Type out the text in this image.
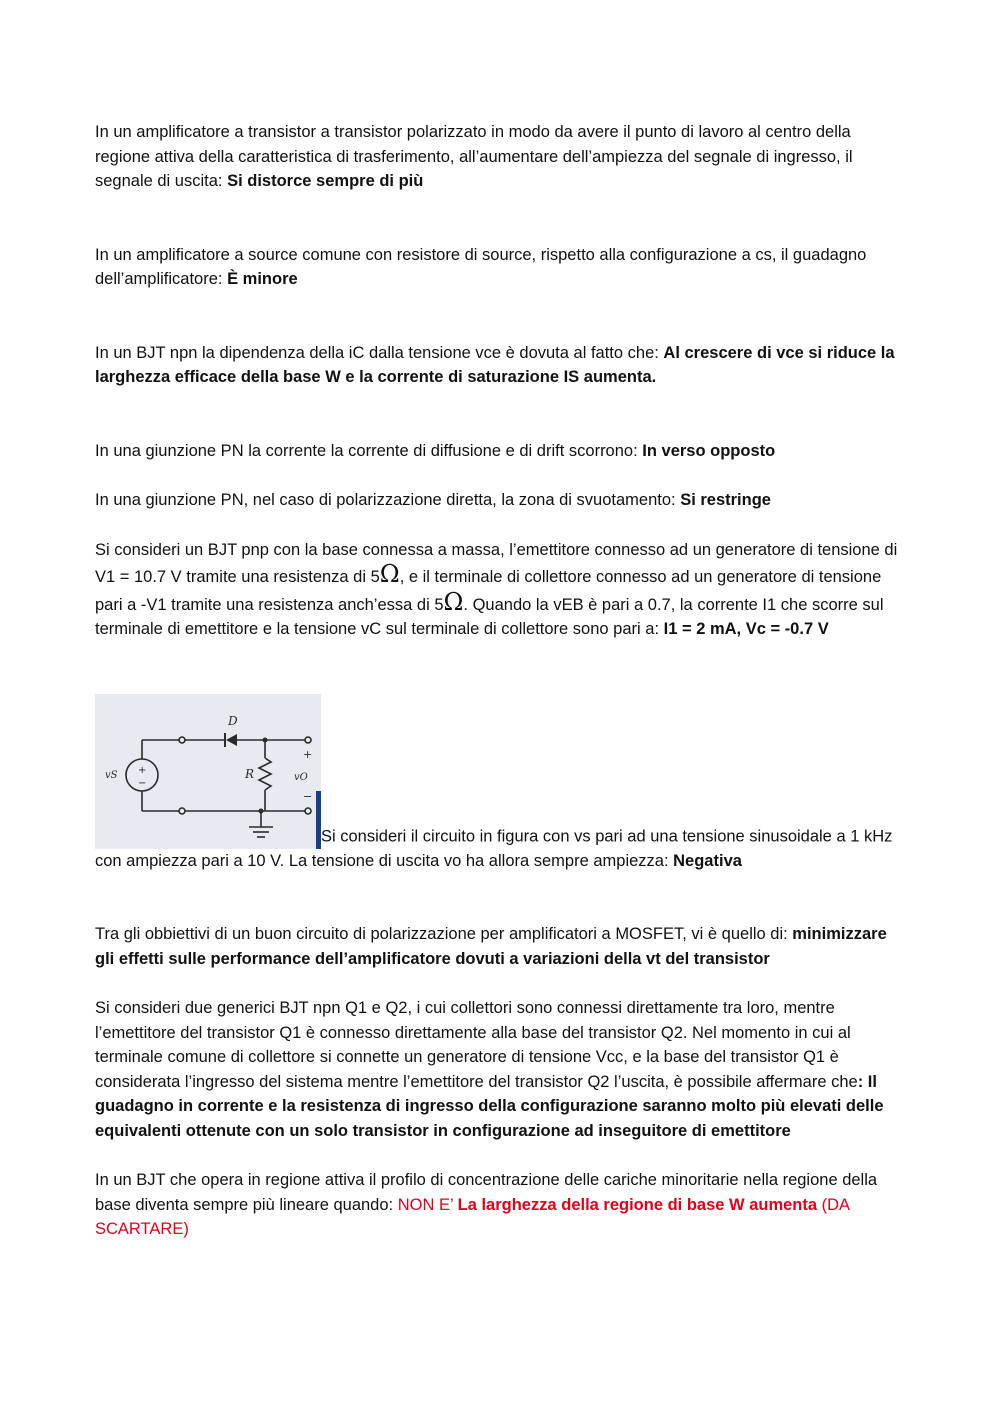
In un amplificatore a transistor a transistor polarizzato in modo da avere il punto di lavoro al centro della regione attiva della caratteristica di trasferimento, all’aumentare dell’ampiezza del segnale di ingresso, il segnale di uscita: Si distorce sempre di più

In un amplificatore a source comune con resistore di source, rispetto alla configurazione a cs, il guadagno dell’amplificatore: È minore

In un BJT npn la dipendenza della iC dalla tensione vce è dovuta al fatto che: Al crescere di vce si riduce la larghezza efficace della base W e la corrente di saturazione IS aumenta.

In una giunzione PN la corrente la corrente di diffusione e di drift scorrono: In verso opposto

In una giunzione PN, nel caso di polarizzazione diretta, la zona di svuotamento: Si restringe

Si consideri un BJT pnp con la base connessa a massa, l’emettitore connesso ad un generatore di tensione di V1 = 10.7 V tramite una resistenza di 5Ω, e il terminale di collettore connesso ad un generatore di tensione pari a -V1 tramite una resistenza anch’essa di 5Ω. Quando la vEB è pari a 0.7, la corrente I1 che scorre sul terminale di emettitore e la tensione vC sul terminale di collettore sono pari a: I1 = 2 mA, Vc = -0.7 V

D
R
vS	vO
+
−
+
−
Si consideri il circuito in figura con vs pari ad una tensione sinusoidale a 1 kHz con ampiezza pari a 10 V. La tensione di uscita vo ha allora sempre ampiezza: Negativa

Tra gli obbiettivi di un buon circuito di polarizzazione per amplificatori a MOSFET, vi è quello di: minimizzare gli effetti sulle performance dell’amplificatore dovuti a variazioni della vt del transistor

Si consideri due generici BJT npn Q1 e Q2, i cui collettori sono connessi direttamente tra loro, mentre l’emettitore del transistor Q1 è connesso direttamente alla base del transistor Q2. Nel momento in cui al terminale comune di collettore si connette un generatore di tensione Vcc, e la base del transistor Q1 è considerata l’ingresso del sistema mentre l’emettitore del transistor Q2 l’uscita, è possibile affermare che: Il guadagno in corrente e la resistenza di ingresso della configurazione saranno molto più elevati delle equivalenti ottenute con un solo transistor in configurazione ad inseguitore di emettitore

In un BJT che opera in regione attiva il profilo di concentrazione delle cariche minoritarie nella regione della base diventa sempre più lineare quando: NON E’ La larghezza della regione di base W aumenta (DA SCARTARE)
